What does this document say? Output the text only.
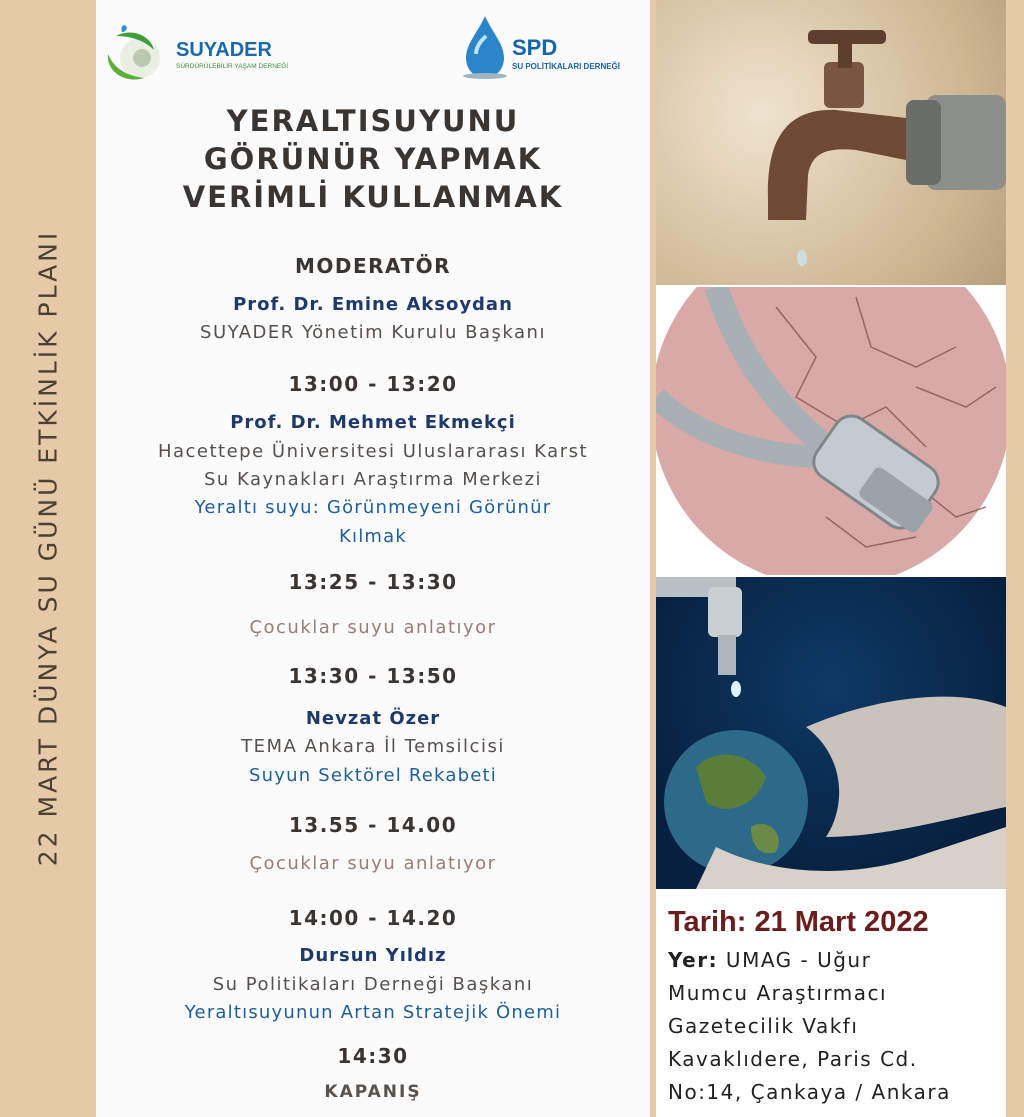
22 MART DÜNYA SU GÜNÜ ETKİNLİK PLANI
SUYADER
SÜRDÜRÜLEBİLİR YAŞAM DERNEĞİ
SPD
SU POLİTİKALARI DERNEĞİ
YERALTISUYUNU
GÖRÜNÜR YAPMAK
VERİMLİ KULLANMAK
MODERATÖR
Prof. Dr. Emine Aksoydan
SUYADER Yönetim Kurulu Başkanı
13:00 - 13:20
Prof. Dr. Mehmet Ekmekçi
Hacettepe Üniversitesi Uluslararası Karst
Su Kaynakları Araştırma Merkezi
Yeraltı suyu: Görünmeyeni Görünür
Kılmak
13:25 - 13:30
Çocuklar suyu anlatıyor
13:30 - 13:50
Nevzat Özer
TEMA Ankara İl Temsilcisi
Suyun Sektörel Rekabeti
13.55 - 14.00
Çocuklar suyu anlatıyor
14:00 - 14.20
Dursun Yıldız
Su Politikaları Derneği Başkanı
Yeraltısuyunun Artan Stratejik Önemi
14:30
KAPANIŞ
Tarih: 21 Mart 2022
Yer: UMAG - Uğur
Mumcu Araştırmacı
Gazetecilik Vakfı
Kavaklıdere, Paris Cd.
No:14, Çankaya / Ankara
